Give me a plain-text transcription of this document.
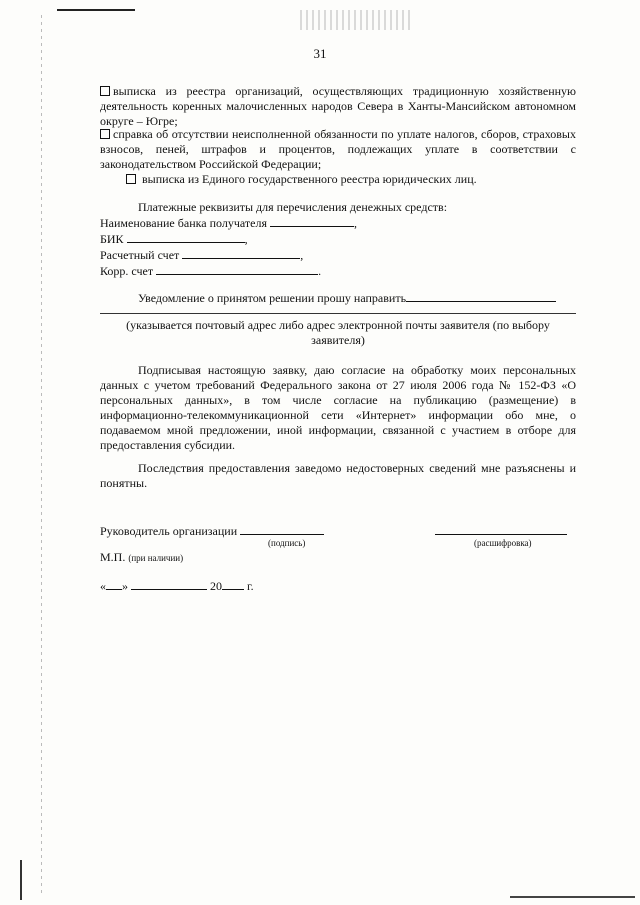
31
выписка из реестра организаций, осуществляющих традиционную хозяйственную деятельность коренных малочисленных народов Севера в Ханты-Мансийском автономном округе – Югре;
справка об отсутствии неисполненной обязанности по уплате налогов, сборов, страховых взносов, пеней, штрафов и процентов, подлежащих уплате в соответствии с законодательством Российской Федерации;
выписка из Единого государственного реестра юридических лиц.
Платежные реквизиты для перечисления денежных средств:
Наименование банка получателя	,
БИК	,
Расчетный счет	,
Корр. счет	.
Уведомление о принятом решении прошу направить
(указывается почтовый адрес либо адрес электронной почты заявителя (по выбору заявителя)
Подписывая настоящую заявку, даю согласие на обработку моих персональных данных с учетом требований Федерального закона от 27 июля 2006 года № 152-ФЗ «О персональных данных», в том числе согласие на публикацию (размещение) в информационно-телекоммуникационной сети «Интернет» информации обо мне, о подаваемом мной предложении, иной информации, связанной с участием в отборе для предоставления субсидии.
Последствия предоставления заведомо недостоверных сведений мне разъяснены и понятны.
Руководитель организации
(подпись)	(расшифровка)
М.П. (при наличии)
« »	20 г.
